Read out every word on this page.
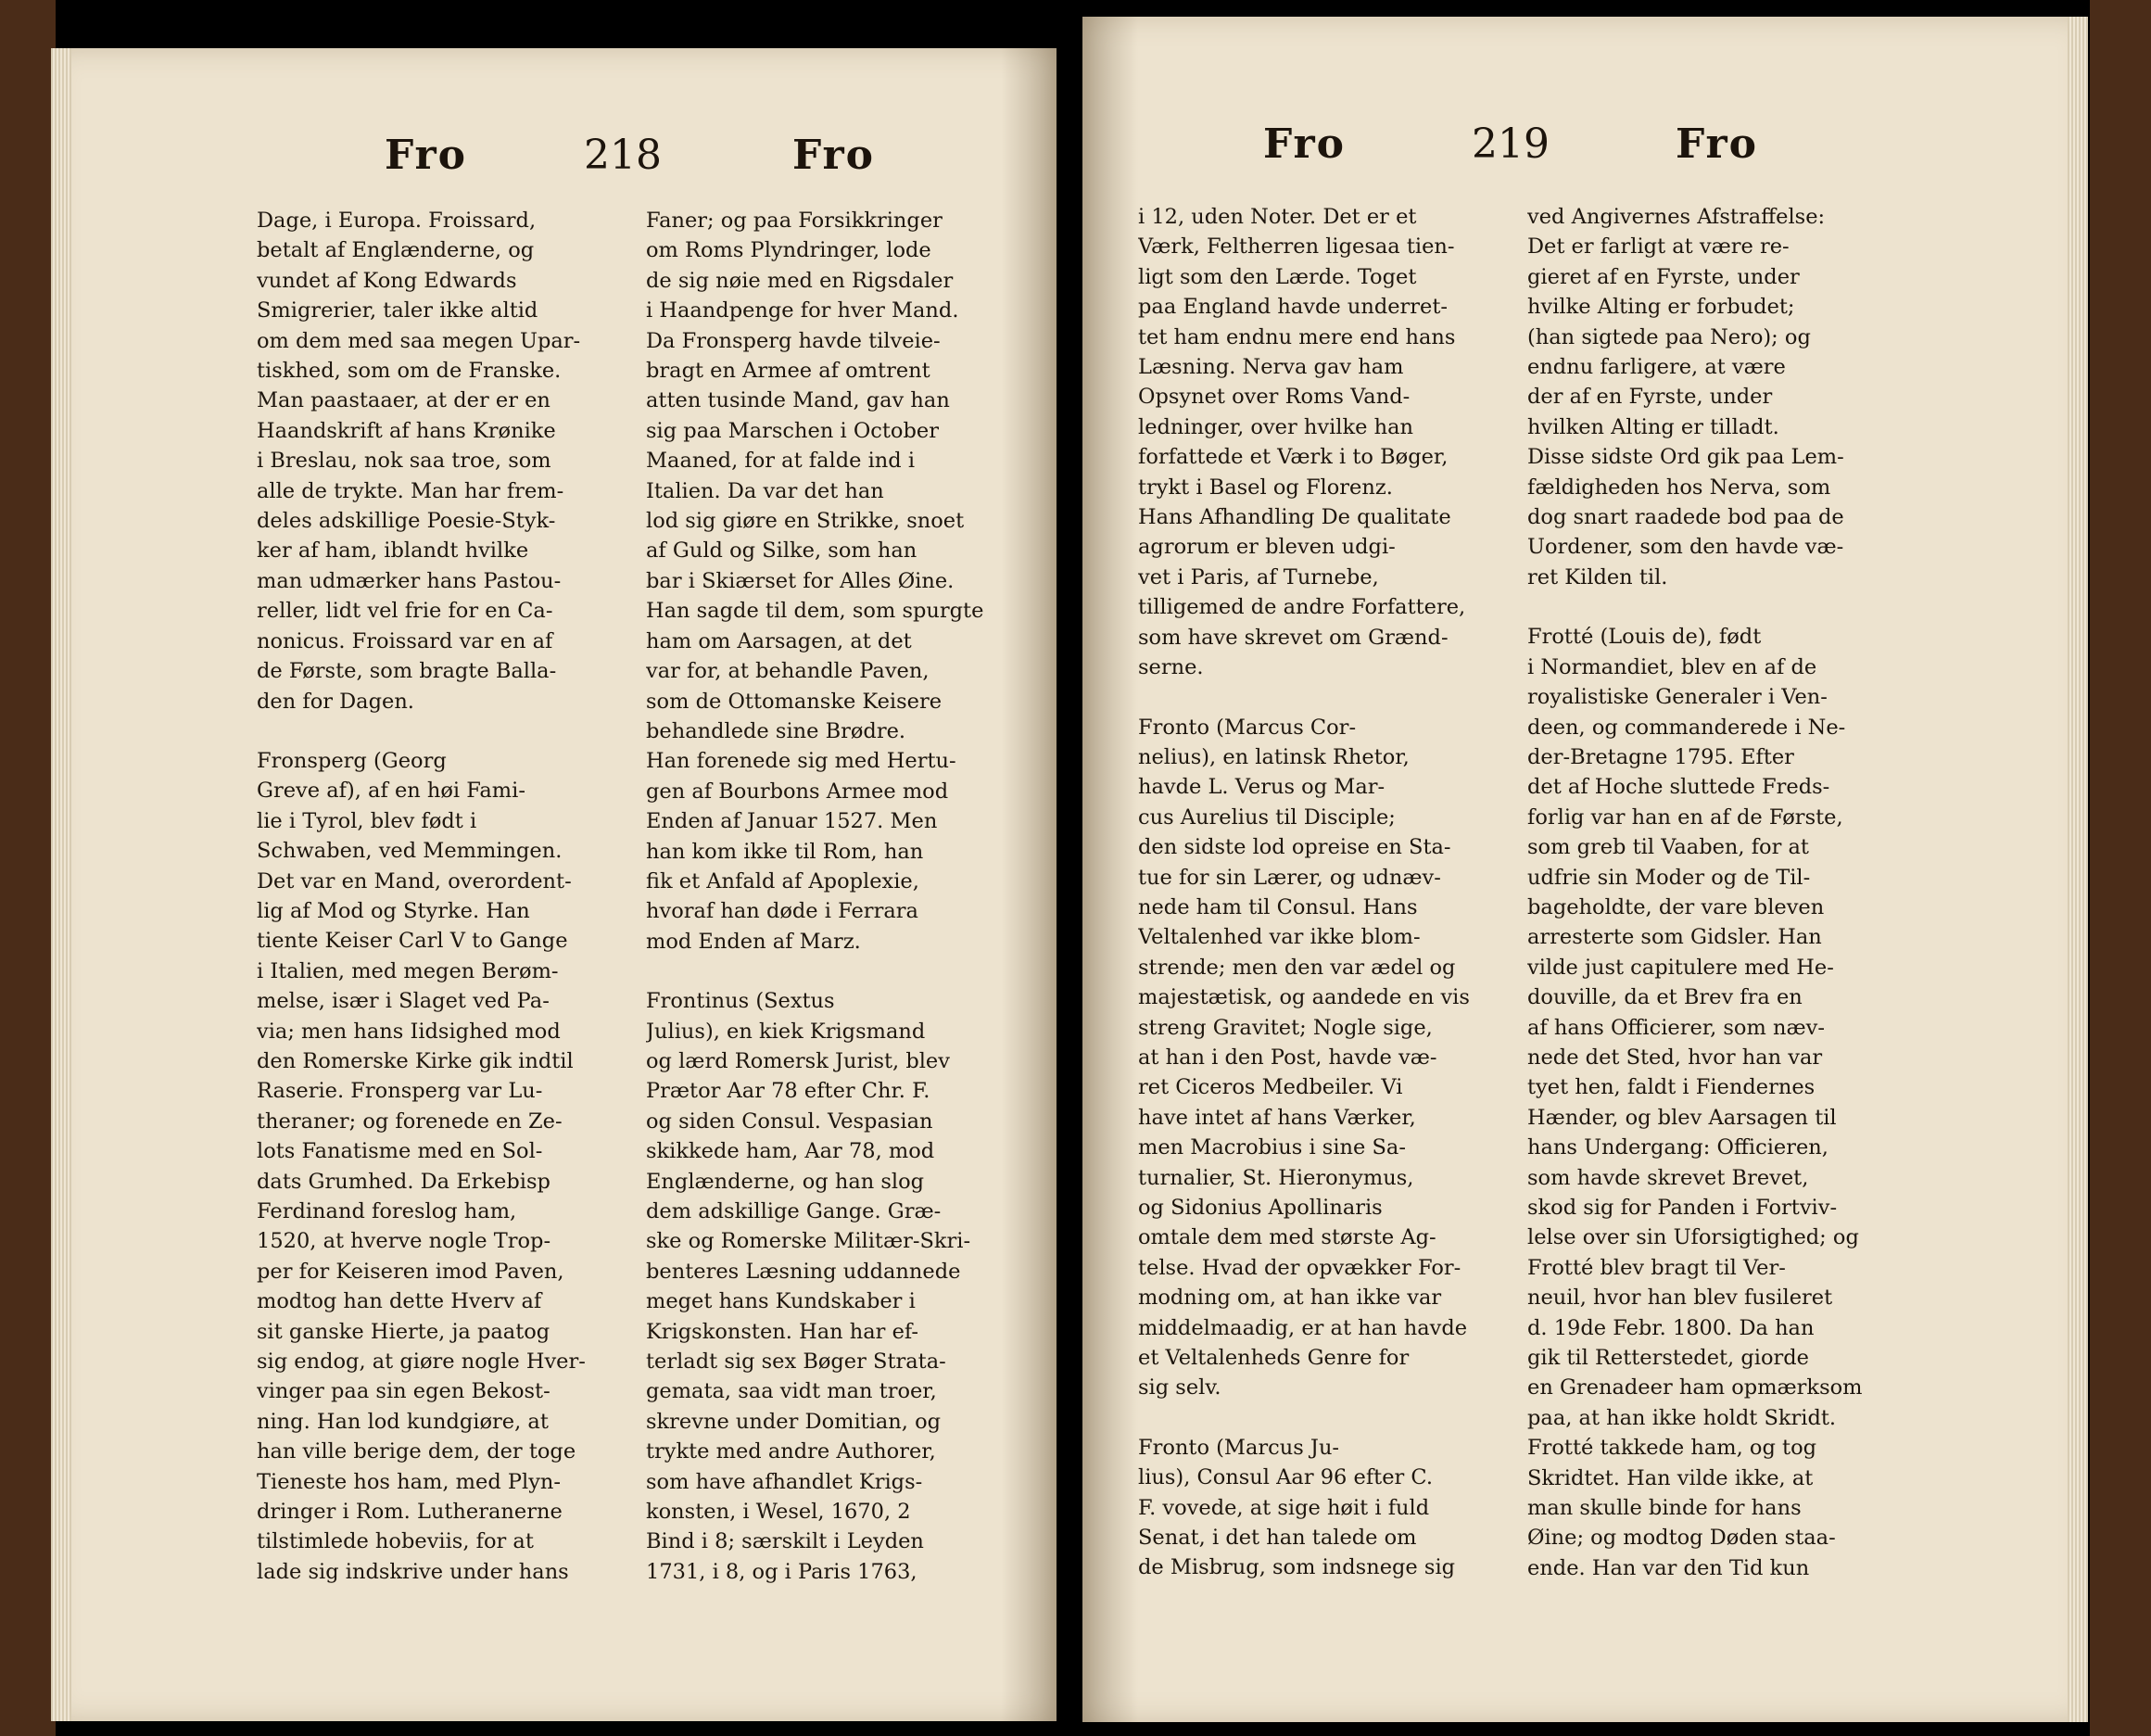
Fro	218	Fro
Dage, i Europa. Froissard,
betalt af Englænderne, og
vundet af Kong Edwards
Smigrerier, taler ikke altid
om dem med saa megen Upar-
tiskhed, som om de Franske.
Man paastaaer, at der er en
Haandskrift af hans Krønike
i Breslau, nok saa troe, som
alle de trykte. Man har frem-
deles adskillige Poesie-Styk-
ker af ham, iblandt hvilke
man udmærker hans Pastou-
reller, lidt vel frie for en Ca-
nonicus. Froissard var en af
de Første, som bragte Balla-
den for Dagen.
Fronsperg (Georg
Greve af), af en høi Fami-
lie i Tyrol, blev født i
Schwaben, ved Memmingen.
Det var en Mand, overordent-
lig af Mod og Styrke. Han
tiente Keiser Carl V to Gange
i Italien, med megen Berøm-
melse, især i Slaget ved Pa-
via; men hans Iidsighed mod
den Romerske Kirke gik indtil
Raserie. Fronsperg var Lu-
theraner; og forenede en Ze-
lots Fanatisme med en Sol-
dats Grumhed. Da Erkebisp
Ferdinand foreslog ham,
1520, at hverve nogle Trop-
per for Keiseren imod Paven,
modtog han dette Hverv af
sit ganske Hierte, ja paatog
sig endog, at giøre nogle Hver-
vinger paa sin egen Bekost-
ning. Han lod kundgiøre, at
han ville berige dem, der toge
Tieneste hos ham, med Plyn-
dringer i Rom. Lutheranerne
tilstimlede hobeviis, for at
lade sig indskrive under hans
Faner; og paa Forsikkringer
om Roms Plyndringer, lode
de sig nøie med en Rigsdaler
i Haandpenge for hver Mand.
Da Fronsperg havde tilveie-
bragt en Armee af omtrent
atten tusinde Mand, gav han
sig paa Marschen i October
Maaned, for at falde ind i
Italien. Da var det han
lod sig giøre en Strikke, snoet
af Guld og Silke, som han
bar i Skiærset for Alles Øine.
Han sagde til dem, som spurgte
ham om Aarsagen, at det
var for, at behandle Paven,
som de Ottomanske Keisere
behandlede sine Brødre.
Han forenede sig med Hertu-
gen af Bourbons Armee mod
Enden af Januar 1527. Men
han kom ikke til Rom, han
fik et Anfald af Apoplexie,
hvoraf han døde i Ferrara
mod Enden af Marz.
Frontinus (Sextus
Julius), en kiek Krigsmand
og lærd Romersk Jurist, blev
Prætor Aar 78 efter Chr. F.
og siden Consul. Vespasian
skikkede ham, Aar 78, mod
Englænderne, og han slog
dem adskillige Gange. Græ-
ske og Romerske Militær-Skri-
benteres Læsning uddannede
meget hans Kundskaber i
Krigskonsten. Han har ef-
terladt sig sex Bøger Strata-
gemata, saa vidt man troer,
skrevne under Domitian, og
trykte med andre Authorer,
som have afhandlet Krigs-
konsten, i Wesel, 1670, 2
Bind i 8; særskilt i Leyden
1731, i 8, og i Paris 1763,
Fro	219	Fro
i 12, uden Noter. Det er et
Værk, Feltherren ligesaa tien-
ligt som den Lærde. Toget
paa England havde underret-
tet ham endnu mere end hans
Læsning. Nerva gav ham
Opsynet over Roms Vand-
ledninger, over hvilke han
forfattede et Værk i to Bøger,
trykt i Basel og Florenz.
Hans Afhandling De qualitate
agrorum er bleven udgi-
vet i Paris, af Turnebe,
tilligemed de andre Forfattere,
som have skrevet om Grænd-
serne.
Fronto (Marcus Cor-
nelius), en latinsk Rhetor,
havde L. Verus og Mar-
cus Aurelius til Disciple;
den sidste lod opreise en Sta-
tue for sin Lærer, og udnæv-
nede ham til Consul. Hans
Veltalenhed var ikke blom-
strende; men den var ædel og
majestætisk, og aandede en vis
streng Gravitet; Nogle sige,
at han i den Post, havde væ-
ret Ciceros Medbeiler. Vi
have intet af hans Værker,
men Macrobius i sine Sa-
turnalier, St. Hieronymus,
og Sidonius Apollinaris
omtale dem med største Ag-
telse. Hvad der opvækker For-
modning om, at han ikke var
middelmaadig, er at han havde
et Veltalenheds Genre for
sig selv.
Fronto (Marcus Ju-
lius), Consul Aar 96 efter C.
F. vovede, at sige høit i fuld
Senat, i det han talede om
de Misbrug, som indsnege sig
ved Angivernes Afstraffelse:
Det er farligt at være re-
gieret af en Fyrste, under
hvilke Alting er forbudet;
(han sigtede paa Nero); og
endnu farligere, at være
der af en Fyrste, under
hvilken Alting er tilladt.
Disse sidste Ord gik paa Lem-
fældigheden hos Nerva, som
dog snart raadede bod paa de
Uordener, som den havde væ-
ret Kilden til.
Frotté (Louis de), født
i Normandiet, blev en af de
royalistiske Generaler i Ven-
deen, og commanderede i Ne-
der-Bretagne 1795. Efter
det af Hoche sluttede Freds-
forlig var han en af de Første,
som greb til Vaaben, for at
udfrie sin Moder og de Til-
bageholdte, der vare bleven
arresterte som Gidsler. Han
vilde just capitulere med He-
douville, da et Brev fra en
af hans Officierer, som næv-
nede det Sted, hvor han var
tyet hen, faldt i Fiendernes
Hænder, og blev Aarsagen til
hans Undergang: Officieren,
som havde skrevet Brevet,
skod sig for Panden i Fortviv-
lelse over sin Uforsigtighed; og
Frotté blev bragt til Ver-
neuil, hvor han blev fusileret
d. 19de Febr. 1800. Da han
gik til Retterstedet, giorde
en Grenadeer ham opmærksom
paa, at han ikke holdt Skridt.
Frotté takkede ham, og tog
Skridtet. Han vilde ikke, at
man skulle binde for hans
Øine; og modtog Døden staa-
ende. Han var den Tid kun
